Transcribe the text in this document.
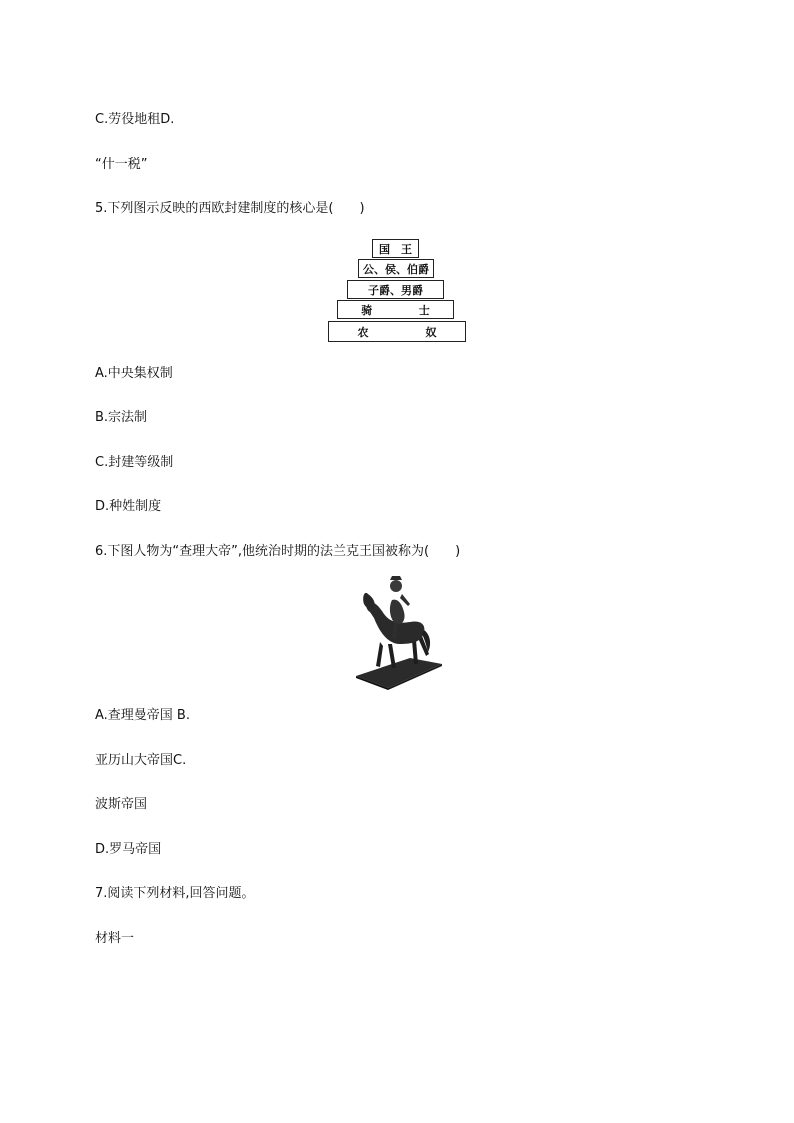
C.劳役地租D.
“什一税”
5.下列图示反映的西欧封建制度的核心是(　　)
国　王
公、侯、伯爵
子爵、男爵
骑	士
农	奴
A.中央集权制
B.宗法制
C.封建等级制
D.种姓制度
6.下图人物为“查理大帝”,他统治时期的法兰克王国被称为(　　)
A.查理曼帝国 B.
亚历山大帝国C.
波斯帝国
D.罗马帝国
7.阅读下列材料,回答问题。
材料一
